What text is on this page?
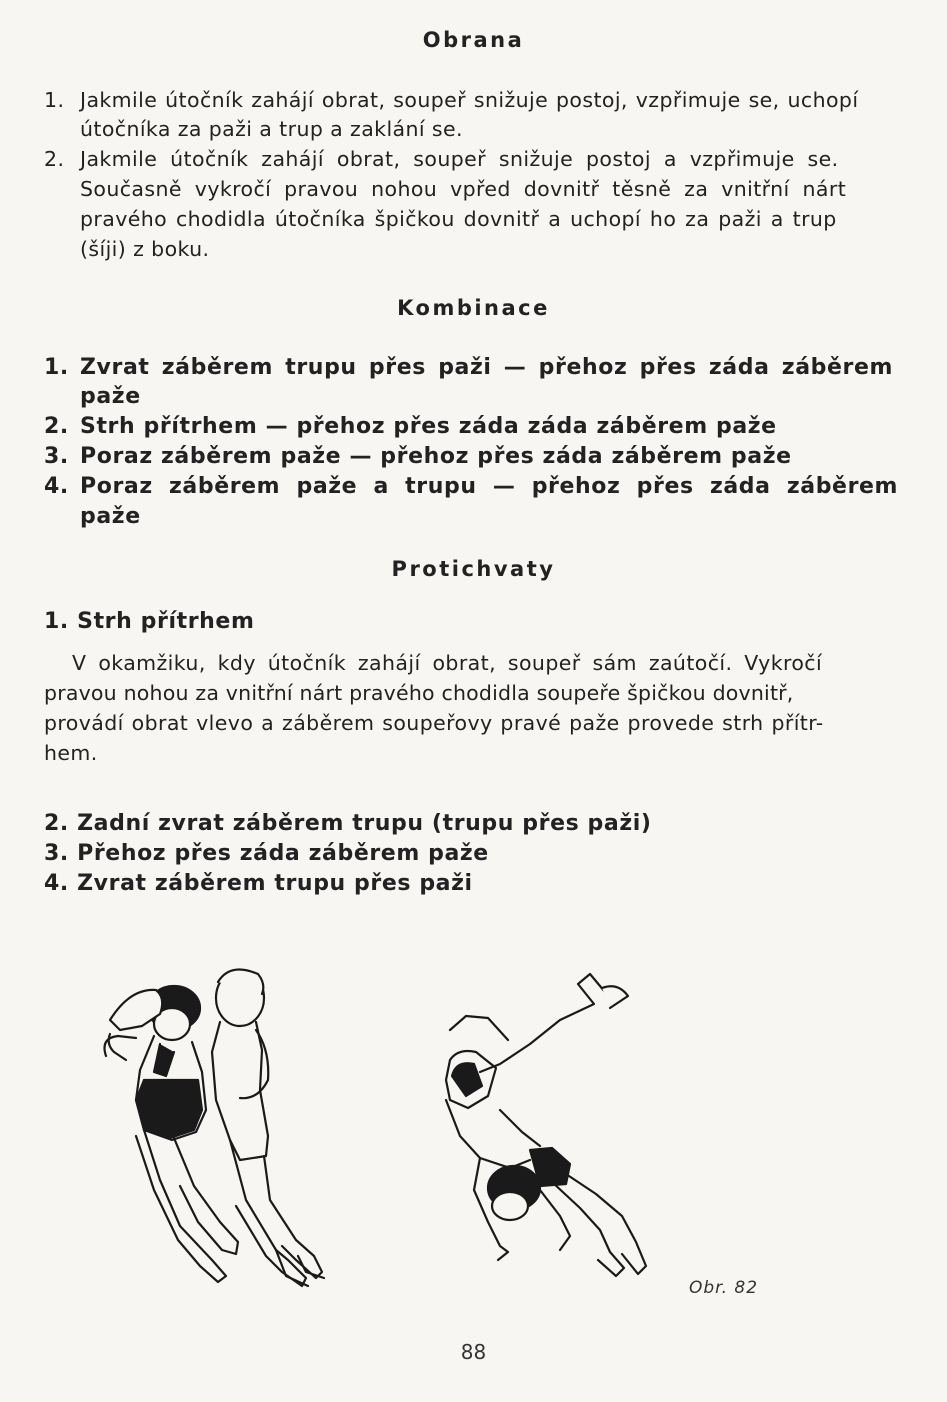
Obrana
1. Jakmile útočník zahájí obrat, soupeř snižuje postoj, vzpřimuje se, uchopí
útočníka za paži a trup a zaklání se.
2. Jakmile útočník zahájí obrat, soupeř snižuje postoj a vzpřimuje se.
Současně vykročí pravou nohou vpřed dovnitř těsně za vnitřní nárt
pravého chodidla útočníka špičkou dovnitř a uchopí ho za paži a trup
(šíji) z boku.
Kombinace
1. Zvrat záběrem trupu přes paži — přehoz přes záda záběrem
paže
2. Strh přítrhem — přehoz přes záda záda záběrem paže
3. Poraz záběrem paže — přehoz přes záda záběrem paže
4. Poraz záběrem paže a trupu — přehoz přes záda záběrem
paže
Protichvaty
1. Strh přítrhem
V okamžiku, kdy útočník zahájí obrat, soupeř sám zaútočí. Vykročí
pravou nohou za vnitřní nárt pravého chodidla soupeře špičkou dovnitř,
provádí obrat vlevo a záběrem soupeřovy pravé paže provede strh přítr-
hem.
2. Zadní zvrat záběrem trupu (trupu přes paži)
3. Přehoz přes záda záběrem paže
4. Zvrat záběrem trupu přes paži
Obr. 82
88
